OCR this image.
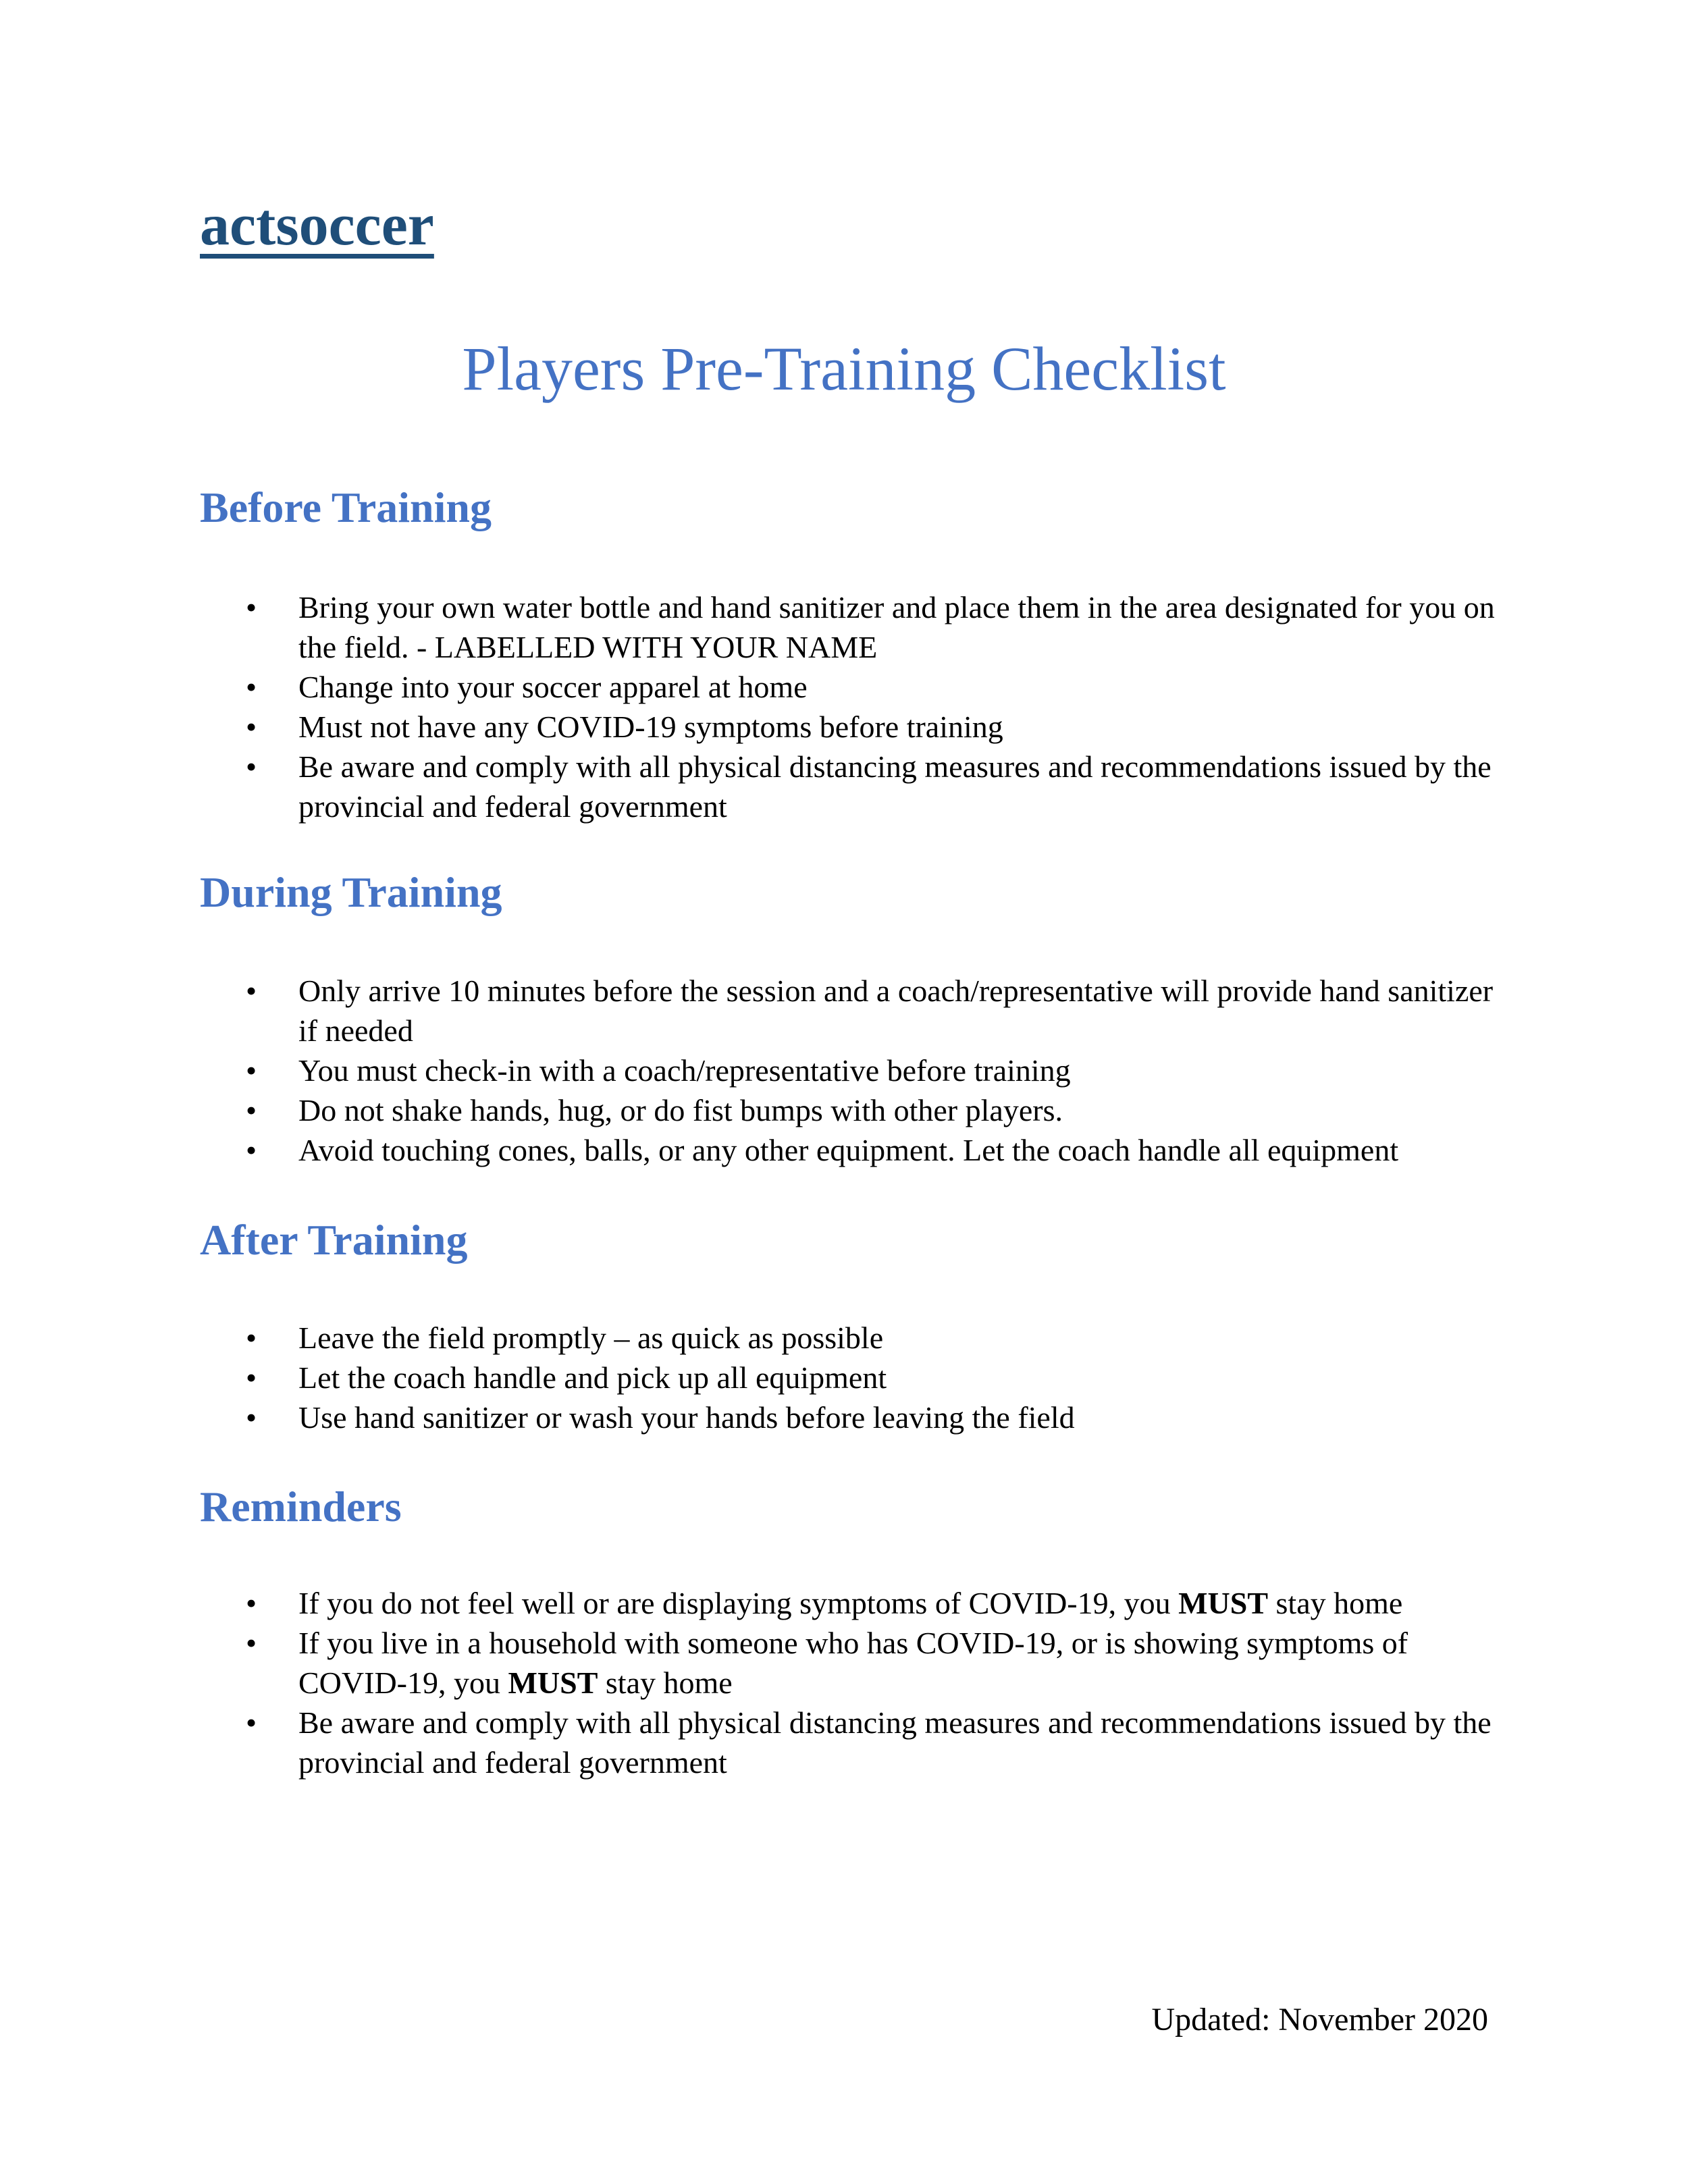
actsoccer
Players Pre-Training Checklist
Before Training
• Bring your own water bottle and hand sanitizer and place them in the area designated for you on the field. - LABELLED WITH YOUR NAME
• Change into your soccer apparel at home
• Must not have any COVID-19 symptoms before training
• Be aware and comply with all physical distancing measures and recommendations issued by the provincial and federal government
During Training
• Only arrive 10 minutes before the session and a coach/representative will provide hand sanitizer if needed
• You must check-in with a coach/representative before training
• Do not shake hands, hug, or do fist bumps with other players.
• Avoid touching cones, balls, or any other equipment. Let the coach handle all equipment
After Training
• Leave the field promptly – as quick as possible
• Let the coach handle and pick up all equipment
• Use hand sanitizer or wash your hands before leaving the field
Reminders
• If you do not feel well or are displaying symptoms of COVID-19, you MUST stay home
• If you live in a household with someone who has COVID-19, or is showing symptoms of COVID-19, you MUST stay home
• Be aware and comply with all physical distancing measures and recommendations issued by the provincial and federal government
Updated: November 2020
